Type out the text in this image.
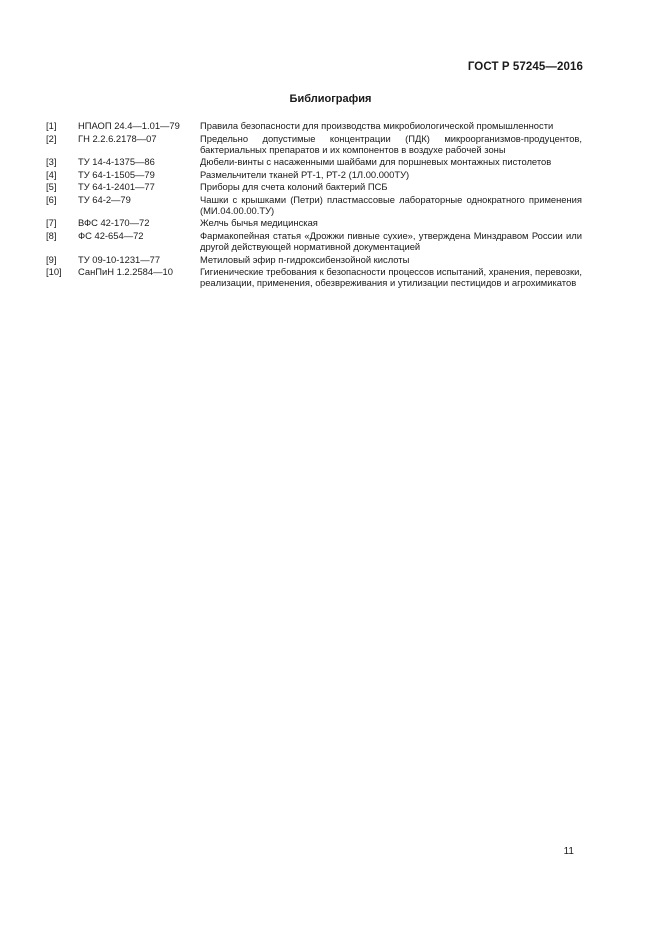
ГОСТ Р 57245—2016
Библиография
[1]	НПАОП 24.4—1.01—79	Правила безопасности для производства микробиологической промышленности
[2]	ГН 2.2.6.2178—07	Предельно допустимые концентрации (ПДК) микроорганизмов-продуцентов, бактериальных препаратов и их компонентов в воздухе рабочей зоны
[3]	ТУ 14-4-1375—86	Дюбели-винты с насаженными шайбами для поршневых монтажных пистолетов
[4]	ТУ 64-1-1505—79	Размельчители тканей РТ-1, РТ-2 (1Л.00.000ТУ)
[5]	ТУ 64-1-2401—77	Приборы для счета колоний бактерий ПСБ
[6]	ТУ 64-2—79	Чашки с крышками (Петри) пластмассовые лабораторные однократного применения (МИ.04.00.00.ТУ)
[7]	ВФС 42-170—72	Желчь бычья медицинская
[8]	ФС 42-654—72	Фармакопейная статья «Дрожжи пивные сухие», утверждена Минздравом России или другой действующей нормативной документацией
[9]	ТУ 09-10-1231—77	Метиловый эфир п-гидроксибензойной кислоты
[10]	СанПиН 1.2.2584—10	Гигиенические требования к безопасности процессов испытаний, хранения, перевозки, реализации, применения, обезвреживания и утилизации пестицидов и агрохимикатов
11
